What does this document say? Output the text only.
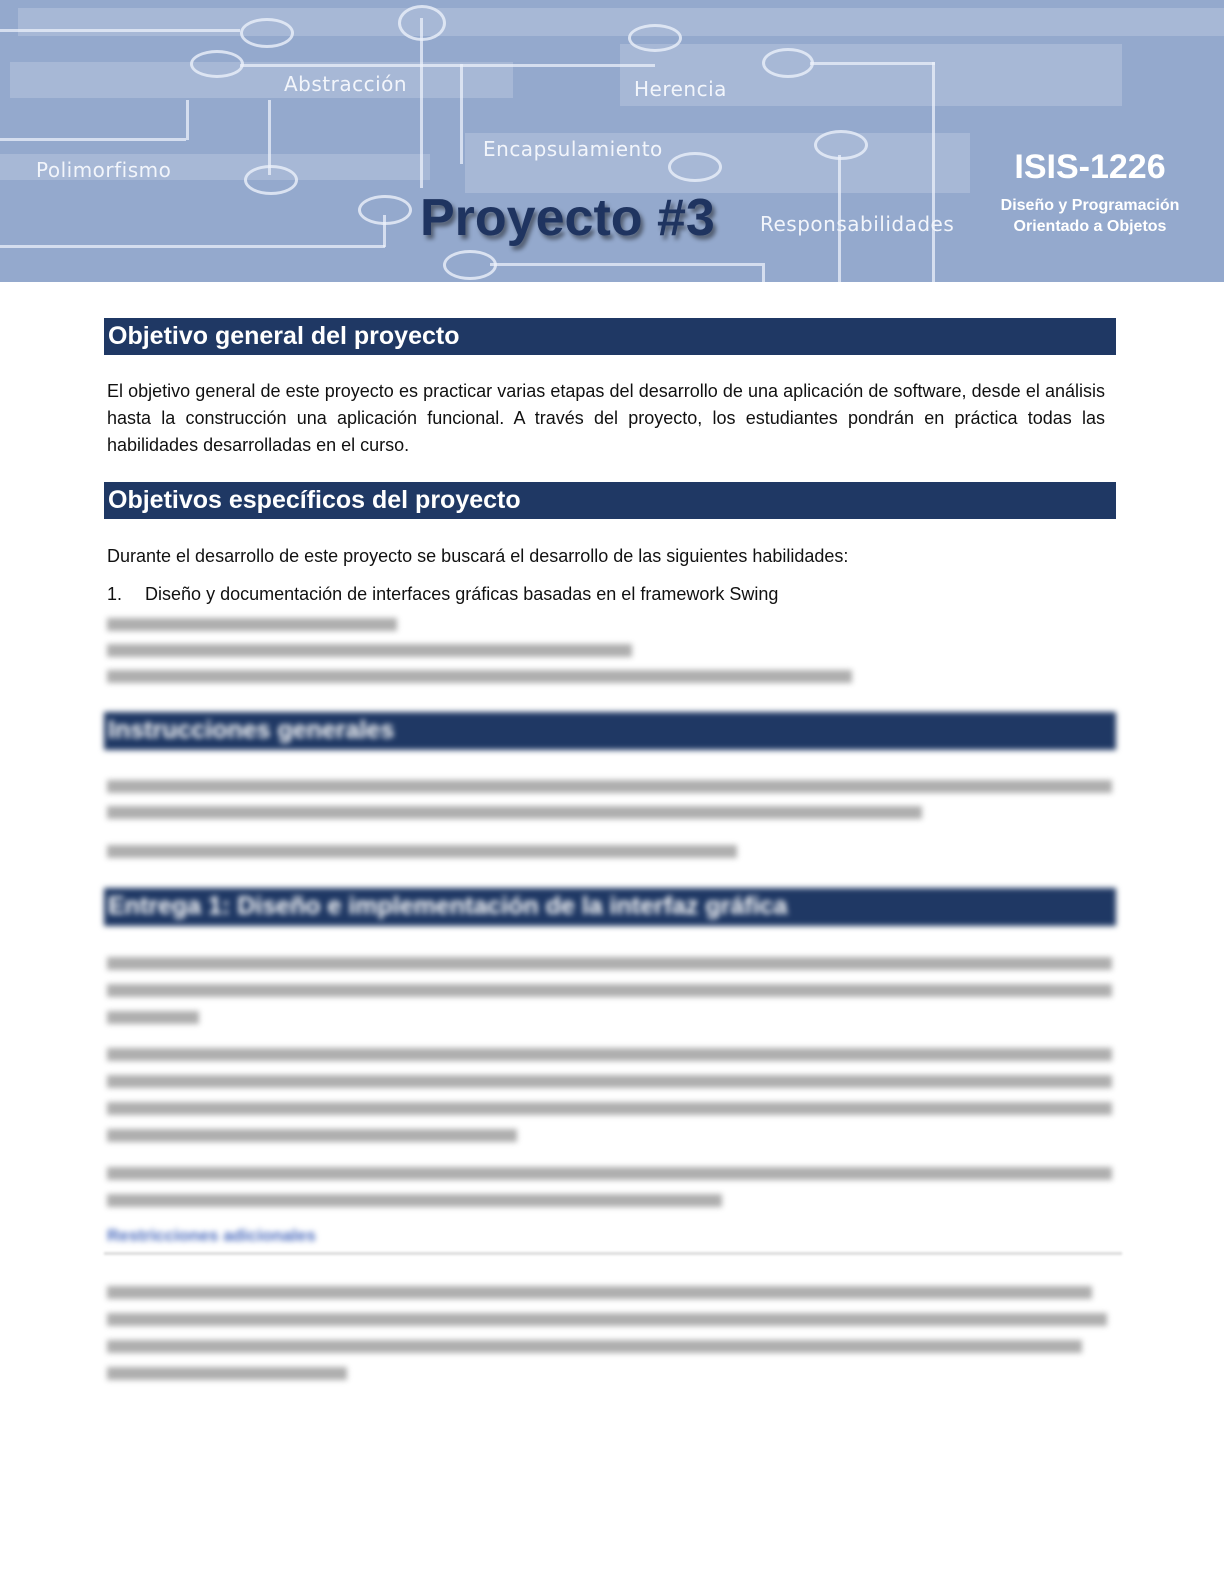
Abstracción	Herencia
Encapsulamiento
Polimorfismo
Responsabilidades
Proyecto #3
ISIS-1226
Diseño y Programación
Orientado a Objetos
Objetivo general del proyecto
El objetivo general de este proyecto es practicar varias etapas del desarrollo de una aplicación de software, desde el análisis hasta la construcción una aplicación funcional. A través del proyecto, los estudiantes pondrán en práctica todas las habilidades desarrolladas en el curso.
Objetivos específicos del proyecto
Durante el desarrollo de este proyecto se buscará el desarrollo de las siguientes habilidades:
1. Diseño y documentación de interfaces gráficas basadas en el framework Swing
Instrucciones generales
Entrega 1: Diseño e implementación de la interfaz gráfica
Restricciones adicionales
